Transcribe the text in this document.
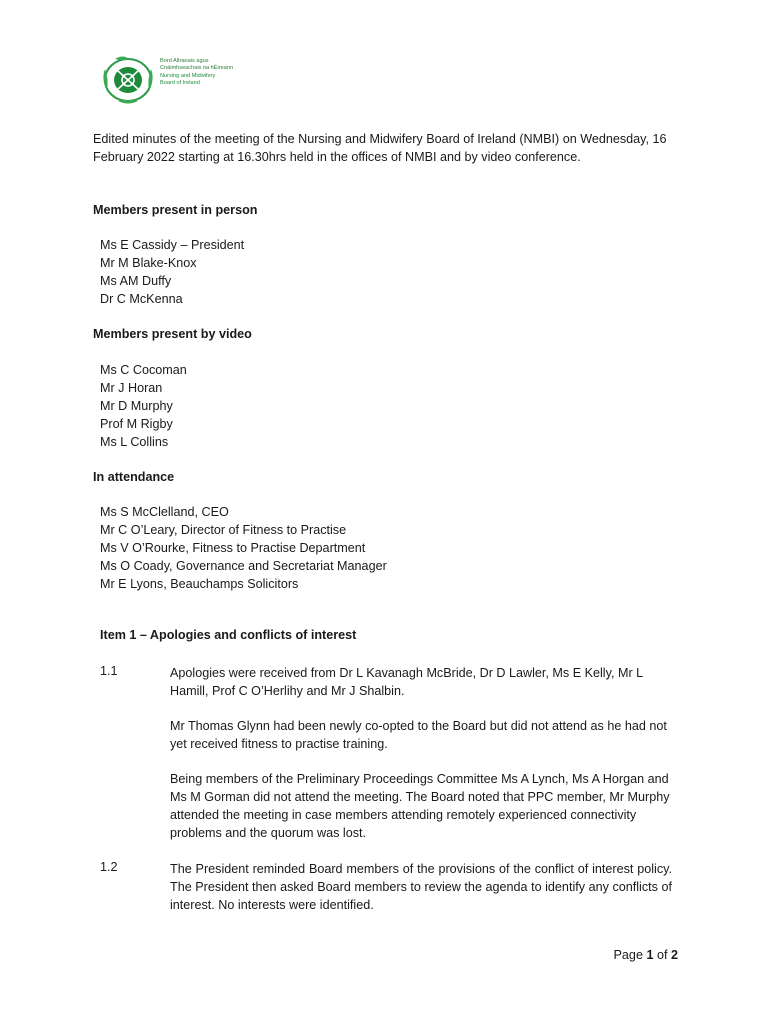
Bord Altranais agus
Cnáimhseachais na hÉireann
Nursing and Midwifery
Board of Ireland
Edited minutes of the meeting of the Nursing and Midwifery Board of Ireland (NMBI) on Wednesday, 16 February 2022 starting at 16.30hrs held in the offices of NMBI and by video conference.
Members present in person
Ms E Cassidy – President
Mr M Blake-Knox
Ms AM Duffy
Dr C McKenna
Members present by video
Ms C Cocoman
Mr J Horan
Mr D Murphy
Prof M Rigby
Ms L Collins
In attendance
Ms S McClelland, CEO
Mr C O’Leary, Director of Fitness to Practise
Ms V O’Rourke, Fitness to Practise Department
Ms O Coady, Governance and Secretariat Manager
Mr E Lyons, Beauchamps Solicitors
Item 1 – Apologies and conflicts of interest
1.1	Apologies were received from Dr L Kavanagh McBride, Dr D Lawler, Ms E Kelly, Mr L Hamill, Prof C O’Herlihy and Mr J Shalbin.
Mr Thomas Glynn had been newly co-opted to the Board but did not attend as he had not yet received fitness to practise training.
Being members of the Preliminary Proceedings Committee Ms A Lynch, Ms A Horgan and Ms M Gorman did not attend the meeting. The Board noted that PPC member, Mr Murphy attended the meeting in case members attending remotely experienced connectivity problems and the quorum was lost.
1.2	The President reminded Board members of the provisions of the conflict of interest policy. The President then asked Board members to review the agenda to identify any conflicts of interest. No interests were identified.
Page 1 of 2
